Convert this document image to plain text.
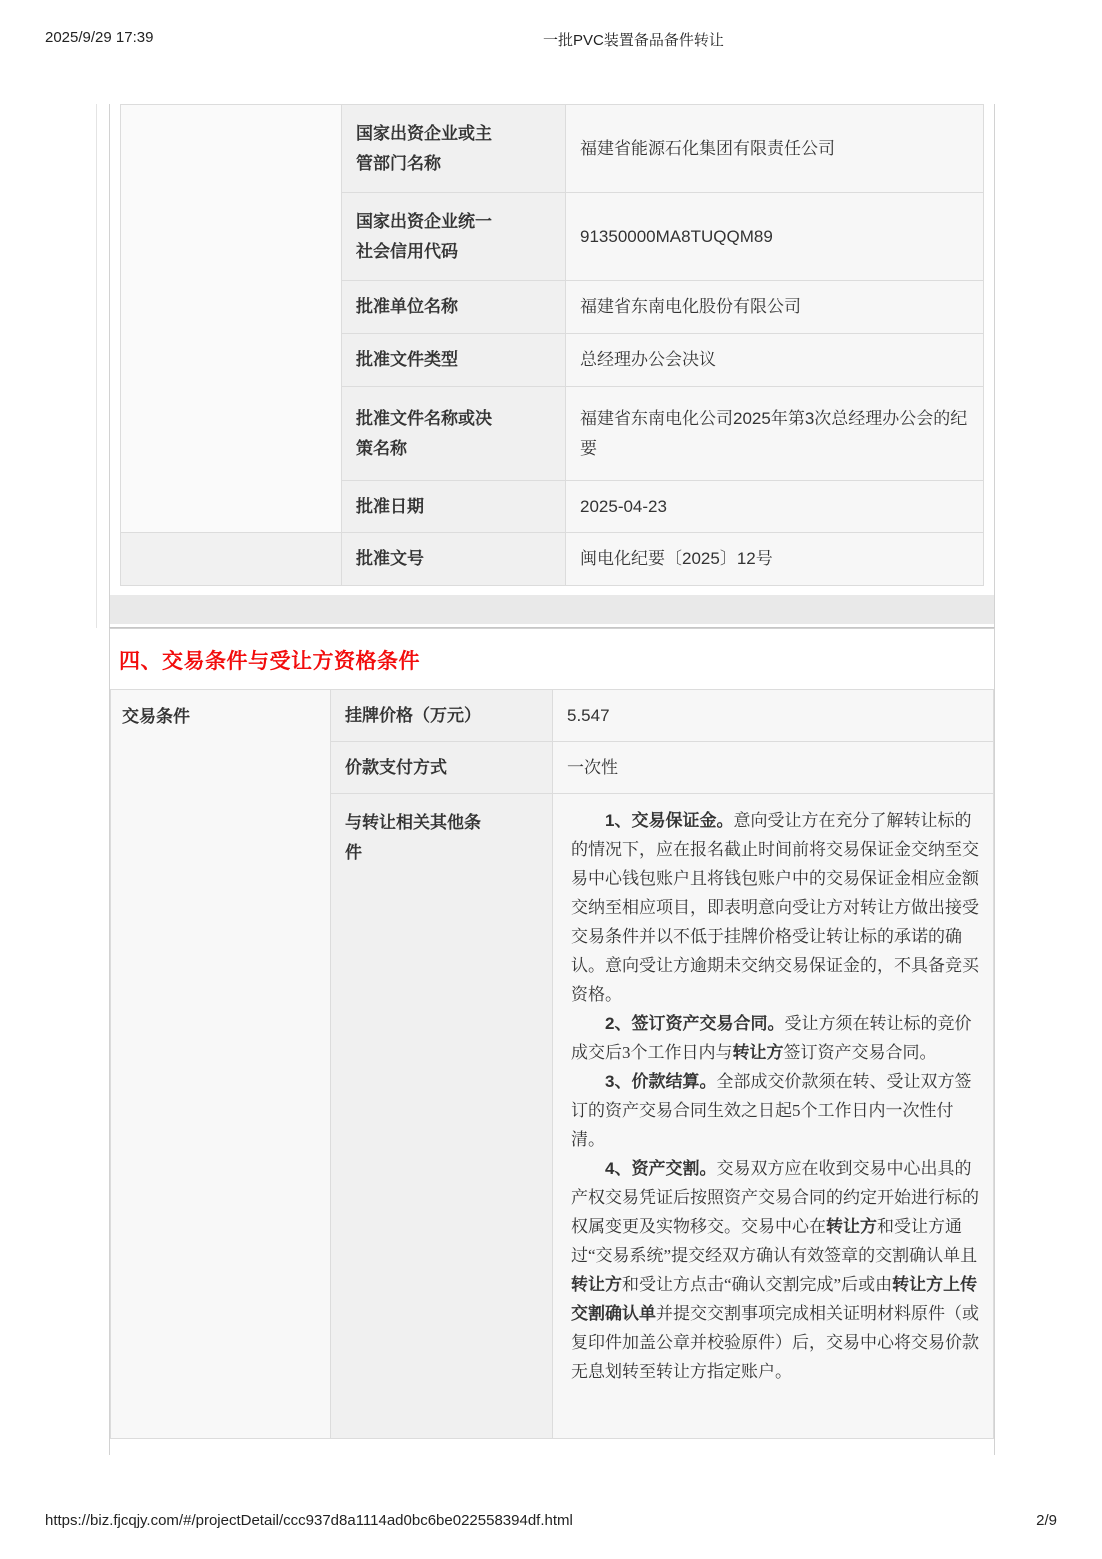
2025/9/29 17:39	一批PVC装置备品备件转让
	国家出资企业或主管部门名称	福建省能源石化集团有限责任公司
	国家出资企业统一社会信用代码	91350000MA8TUQQM89
	批准单位名称	福建省东南电化股份有限公司
	批准文件类型	总经理办公会决议
	批准文件名称或决策名称	福建省东南电化公司2025年第3次总经理办公会的纪要
	批准日期	2025-04-23
	批准文号	闽电化纪要〔2025〕12号
四、交易条件与受让方资格条件
交易条件	挂牌价格（万元）	5.547
	价款支付方式	一次性
	与转让相关其他条件	1、交易保证金。意向受让方在充分了解转让标的的情况下，应在报名截止时间前将交易保证金交纳至交易中心钱包账户且将钱包账户中的交易保证金相应金额交纳至相应项目，即表明意向受让方对转让方做出接受交易条件并以不低于挂牌价格受让转让标的承诺的确认。意向受让方逾期未交纳交易保证金的，不具备竞买资格。

2、签订资产交易合同。受让方须在转让标的竞价成交后3个工作日内与转让方签订资产交易合同。

3、价款结算。全部成交价款须在转、受让双方签订的资产交易合同生效之日起5个工作日内一次性付清。

4、资产交割。交易双方应在收到交易中心出具的产权交易凭证后按照资产交易合同的约定开始进行标的权属变更及实物移交。交易中心在转让方和受让方通过“交易系统”提交经双方确认有效签章的交割确认单且转让方和受让方点击“确认交割完成”后或由转让方上传交割确认单并提交交割事项完成相关证明材料原件（或复印件加盖公章并校验原件）后，交易中心将交易价款无息划转至转让方指定账户。

https://biz.fjcqjy.com/#/projectDetail/ccc937d8a1114ad0bc6be022558394df.html	2/9
